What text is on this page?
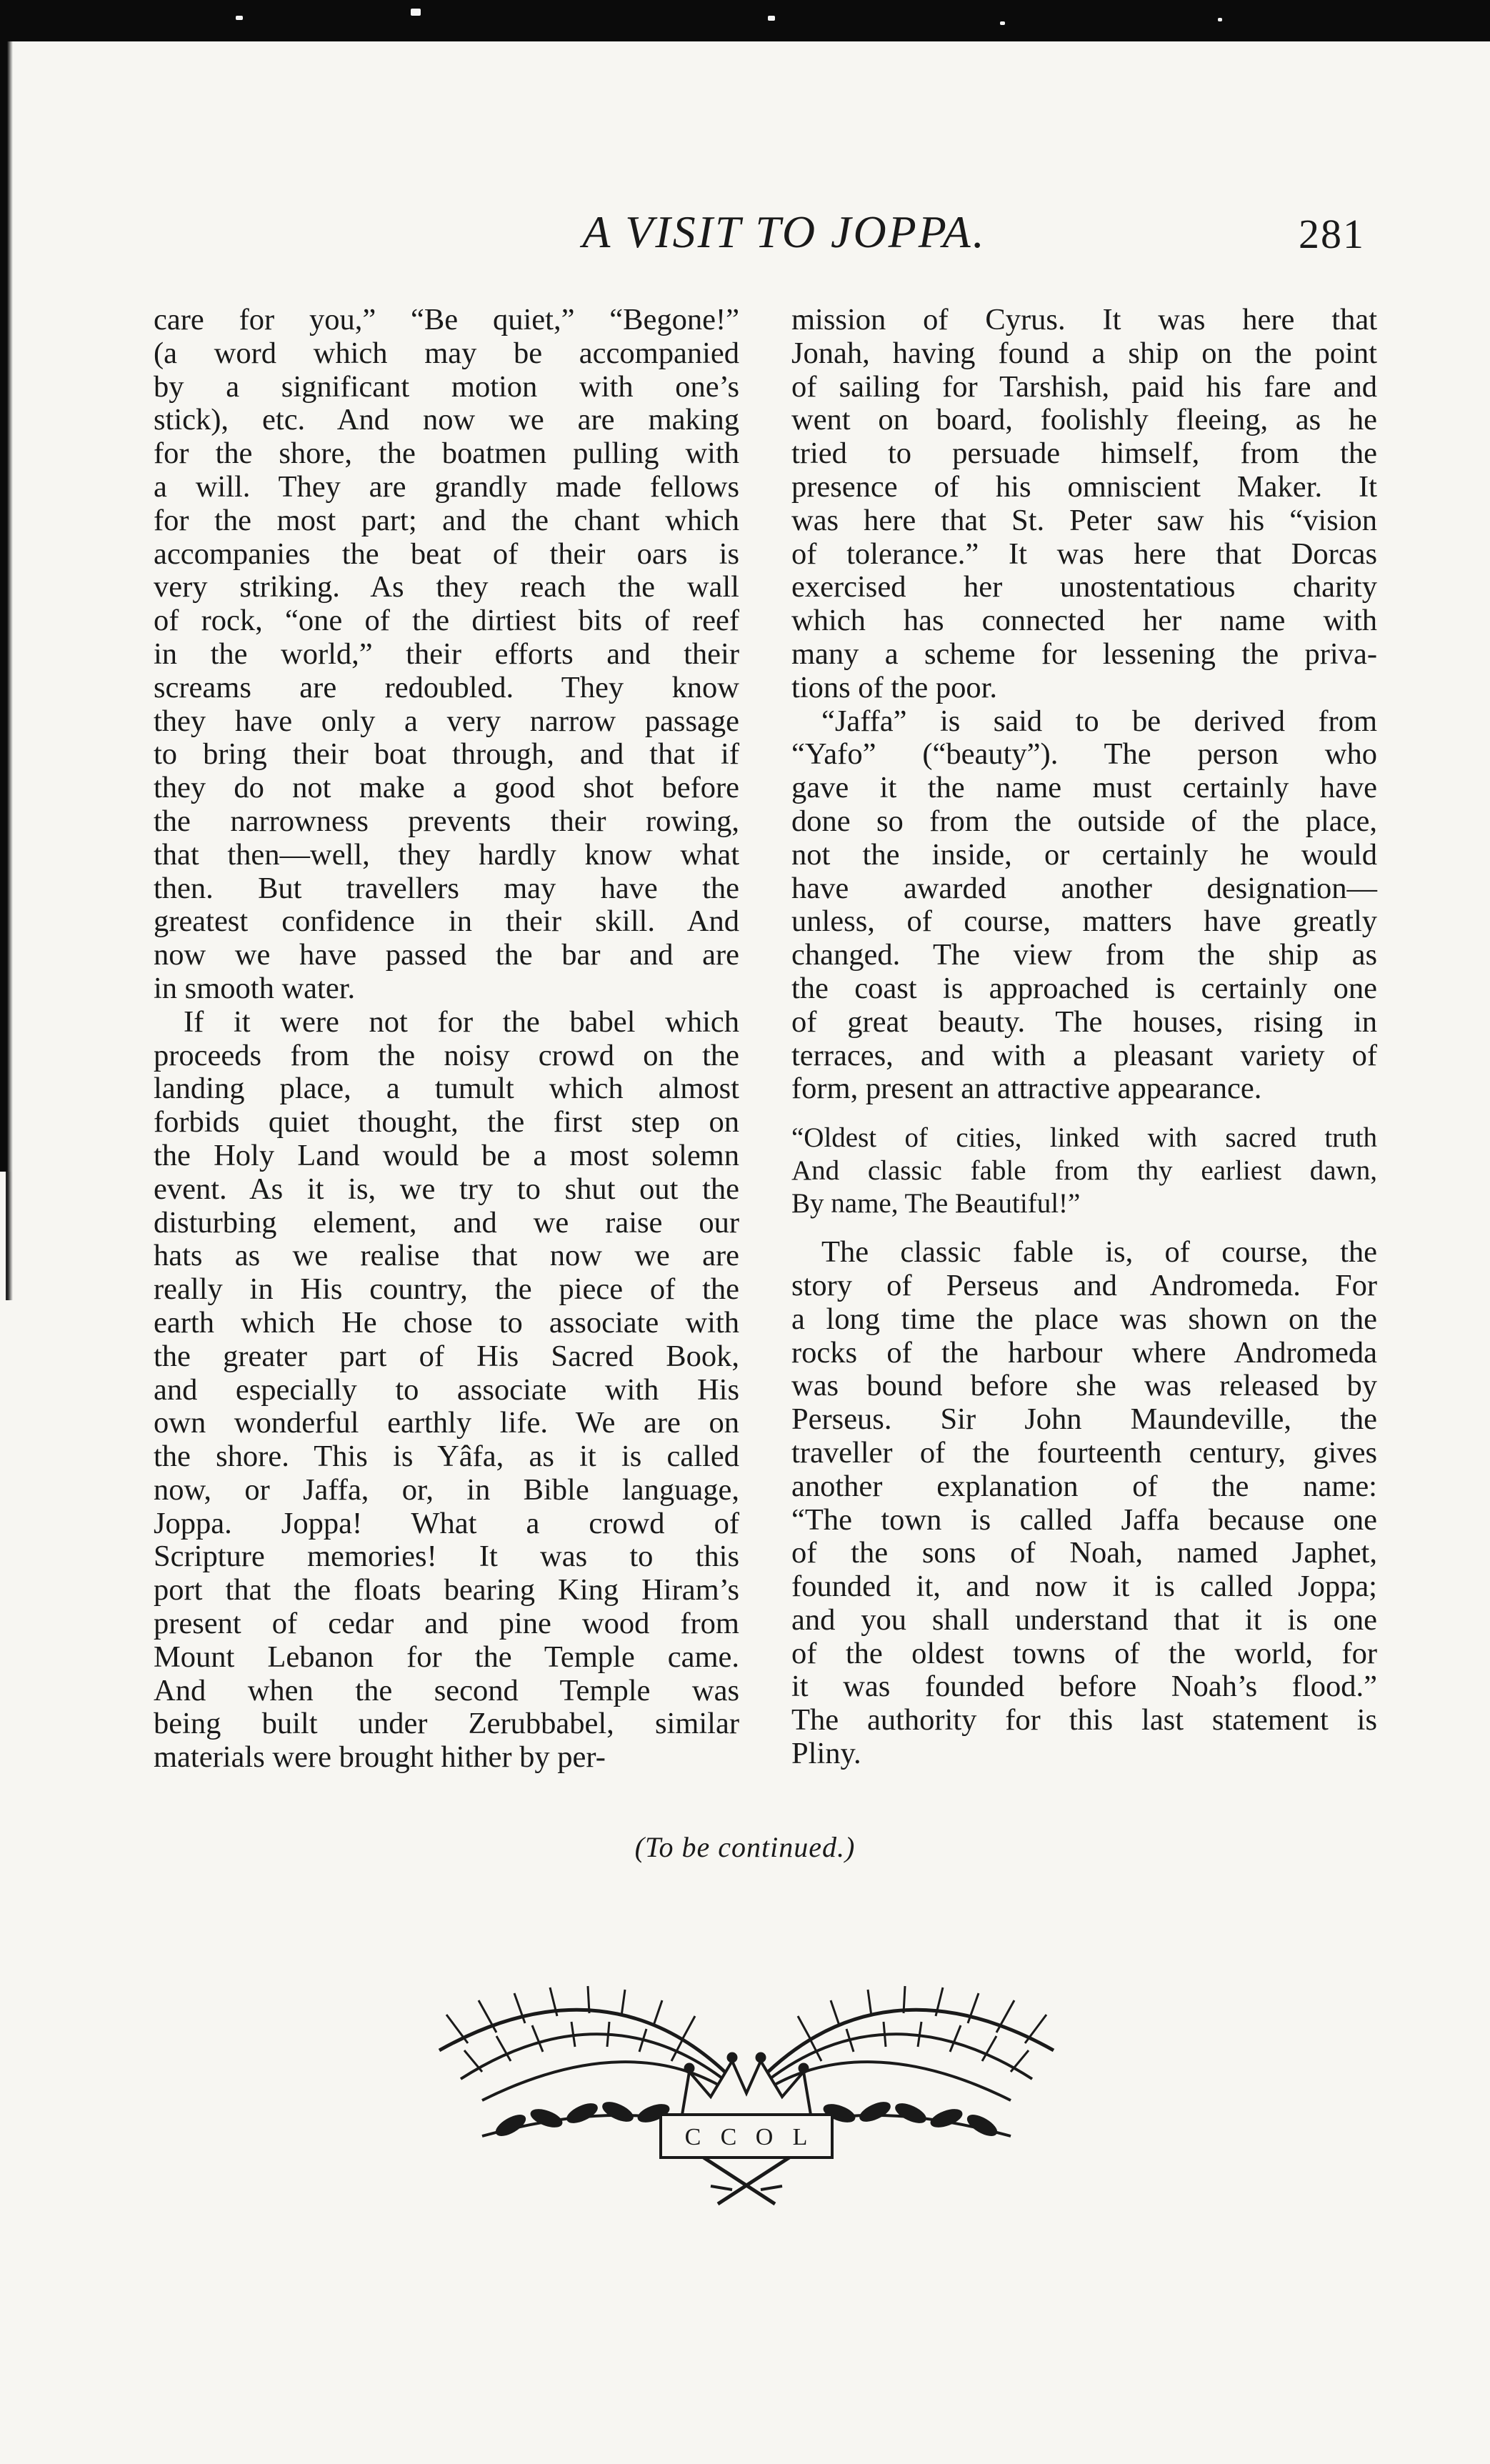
A VISIT TO JOPPA.	281
care for you,” “Be quiet,” “Begone!”
(a word which may be accompanied
by a significant motion with one’s
stick), etc. And now we are making
for the shore, the boatmen pulling with
a will. They are grandly made fellows
for the most part; and the chant which
accompanies the beat of their oars is
very striking. As they reach the wall
of rock, “one of the dirtiest bits of reef
in the world,” their efforts and their
screams are redoubled. They know
they have only a very narrow passage
to bring their boat through, and that if
they do not make a good shot before
the narrowness prevents their rowing,
that then—well, they hardly know what
then. But travellers may have the
greatest confidence in their skill. And
now we have passed the bar and are
in smooth water.
If it were not for the babel which
proceeds from the noisy crowd on the
landing place, a tumult which almost
forbids quiet thought, the first step on
the Holy Land would be a most solemn
event. As it is, we try to shut out the
disturbing element, and we raise our
hats as we realise that now we are
really in His country, the piece of the
earth which He chose to associate with
the greater part of His Sacred Book,
and especially to associate with His
own wonderful earthly life. We are on
the shore. This is Yâfa, as it is called
now, or Jaffa, or, in Bible language,
Joppa. Joppa! What a crowd of
Scripture memories! It was to this
port that the floats bearing King Hiram’s
present of cedar and pine wood from
Mount Lebanon for the Temple came.
And when the second Temple was
being built under Zerubbabel, similar
materials were brought hither by per-
mission of Cyrus. It was here that
Jonah, having found a ship on the point
of sailing for Tarshish, paid his fare and
went on board, foolishly fleeing, as he
tried to persuade himself, from the
presence of his omniscient Maker. It
was here that St. Peter saw his “vision
of tolerance.” It was here that Dorcas
exercised her unostentatious charity
which has connected her name with
many a scheme for lessening the priva-
tions of the poor.
“Jaffa” is said to be derived from
“Yafo” (“beauty”). The person who
gave it the name must certainly have
done so from the outside of the place,
not the inside, or certainly he would
have awarded another designation—
unless, of course, matters have greatly
changed. The view from the ship as
the coast is approached is certainly one
of great beauty. The houses, rising in
terraces, and with a pleasant variety of
form, present an attractive appearance.
“Oldest of cities, linked with sacred truth
And classic fable from thy earliest dawn,
By name, The Beautiful!”
The classic fable is, of course, the
story of Perseus and Andromeda. For
a long time the place was shown on the
rocks of the harbour where Andromeda
was bound before she was released by
Perseus. Sir John Maundeville, the
traveller of the fourteenth century, gives
another explanation of the name:
“The town is called Jaffa because one
of the sons of Noah, named Japhet,
founded it, and now it is called Joppa;
and you shall understand that it is one
of the oldest towns of the world, for
it was founded before Noah’s flood.”
The authority for this last statement is
Pliny.
(To be continued.)
C C O L
